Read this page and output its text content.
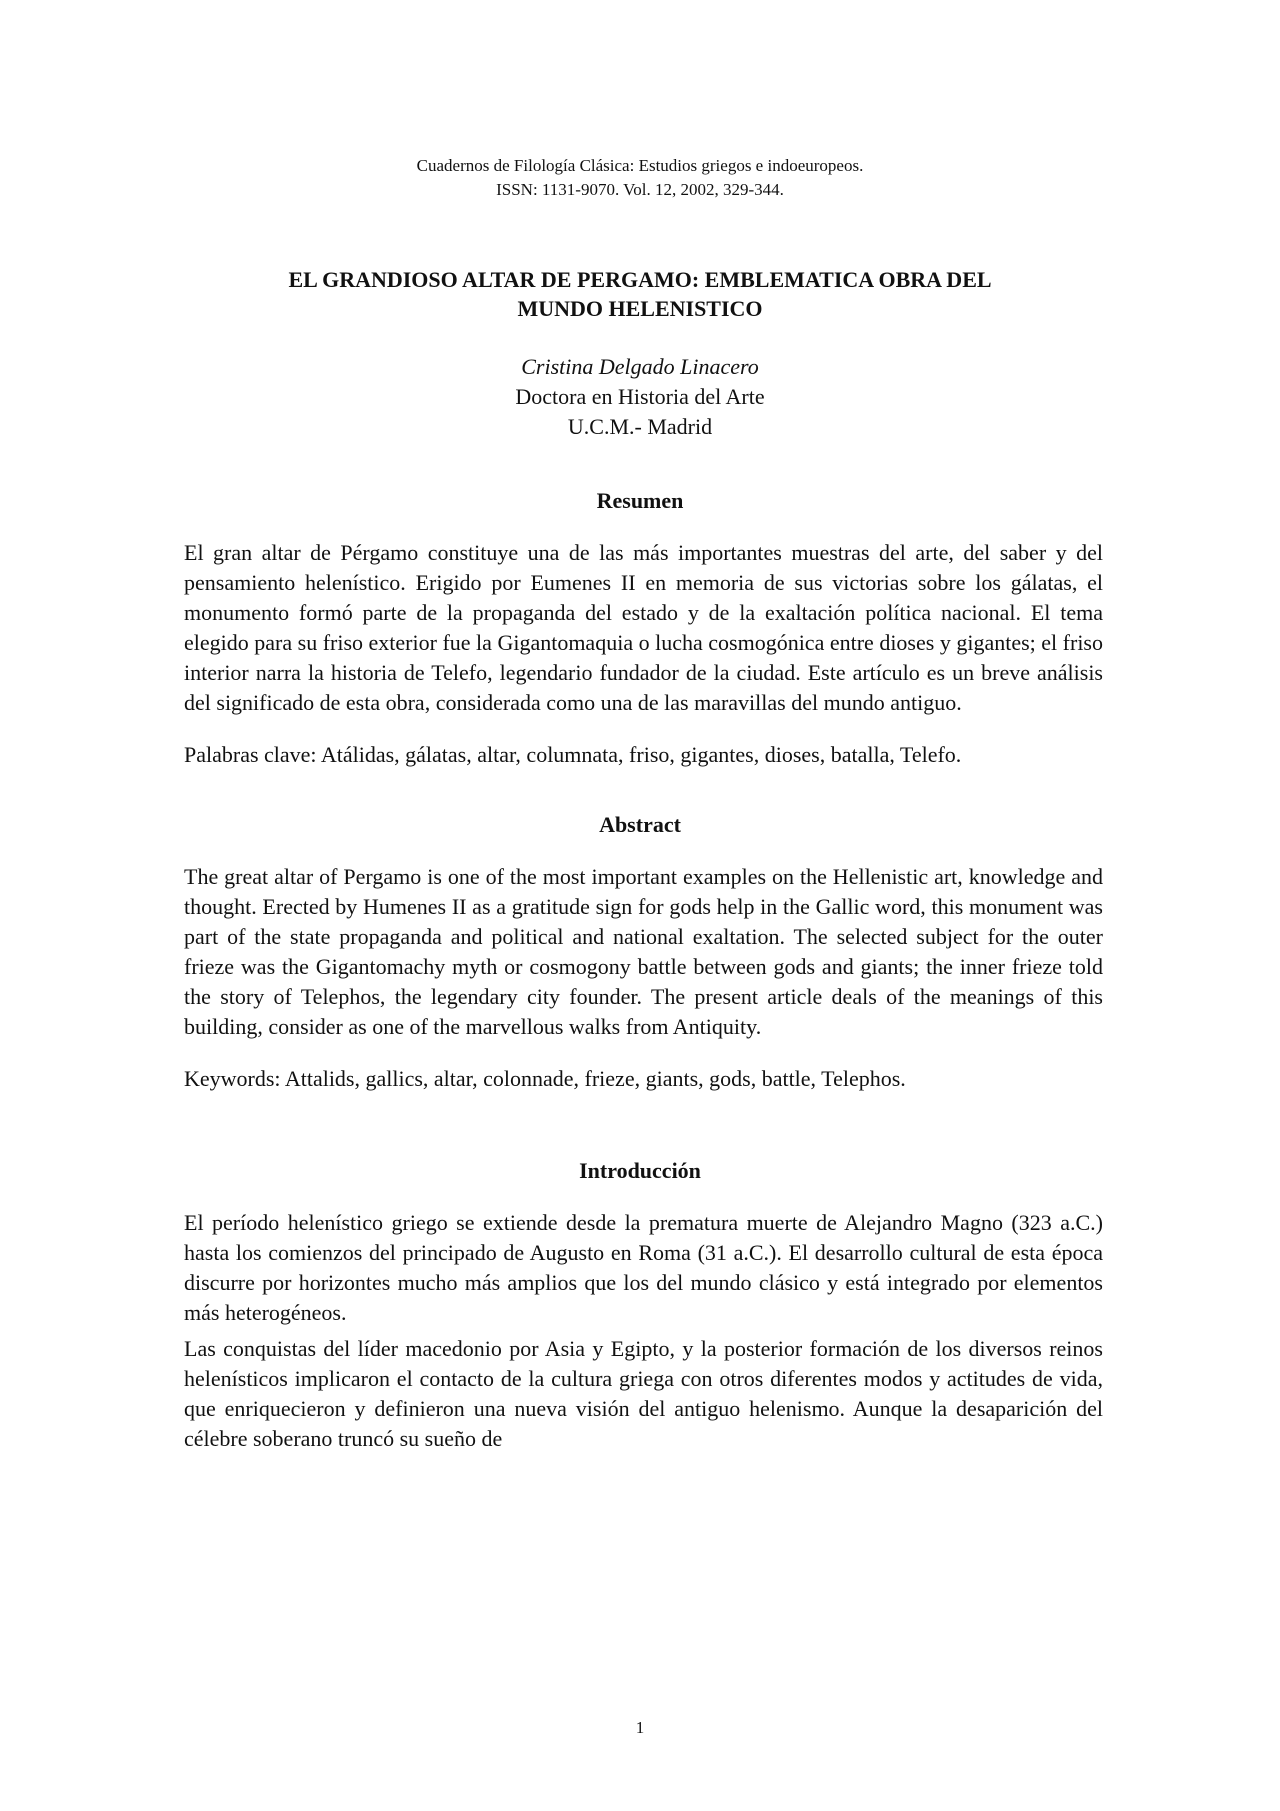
Cuadernos de Filología Clásica: Estudios griegos e indoeuropeos.
ISSN: 1131-9070. Vol. 12, 2002, 329-344.
EL GRANDIOSO ALTAR DE PERGAMO: EMBLEMATICA OBRA DEL
MUNDO HELENISTICO
Cristina Delgado Linacero
Doctora en Historia del Arte
U.C.M.- Madrid
Resumen
El gran altar de Pérgamo constituye una de las más importantes muestras del arte, del saber y del pensamiento helenístico. Erigido por Eumenes II en memoria de sus victorias sobre los gálatas, el monumento formó parte de la propaganda del estado y de la exaltación política nacional. El tema elegido para su friso exterior fue la Gigantomaquia o lucha cosmogónica entre dioses y gigantes; el friso interior narra la historia de Telefo, legendario fundador de la ciudad. Este artículo es un breve análisis del significado de esta obra, considerada como una de las maravillas del mundo antiguo.
Palabras clave: Atálidas, gálatas, altar, columnata, friso, gigantes, dioses, batalla, Telefo.
Abstract
The great altar of Pergamo is one of the most important examples on the Hellenistic art, knowledge and thought. Erected by Humenes II as a gratitude sign for gods help in the Gallic word, this monument was part of the state propaganda and political and national exaltation. The selected subject for the outer frieze was the Gigantomachy myth or cosmogony battle between gods and giants; the inner frieze told the story of Telephos, the legendary city founder. The present article deals of the meanings of this building, consider as one of the marvellous walks from Antiquity.
Keywords: Attalids, gallics, altar, colonnade, frieze, giants, gods, battle, Telephos.
Introducción
El período helenístico griego se extiende desde la prematura muerte de Alejandro Magno (323 a.C.) hasta los comienzos del principado de Augusto en Roma (31 a.C.). El desarrollo cultural de esta época discurre por horizontes mucho más amplios que los del mundo clásico y está integrado por elementos más heterogéneos.
Las conquistas del líder macedonio por Asia y Egipto, y la posterior formación de los diversos reinos helenísticos implicaron el contacto de la cultura griega con otros diferentes modos y actitudes de vida, que enriquecieron y definieron una nueva visión del antiguo helenismo. Aunque la desaparición del célebre soberano truncó su sueño de
1
